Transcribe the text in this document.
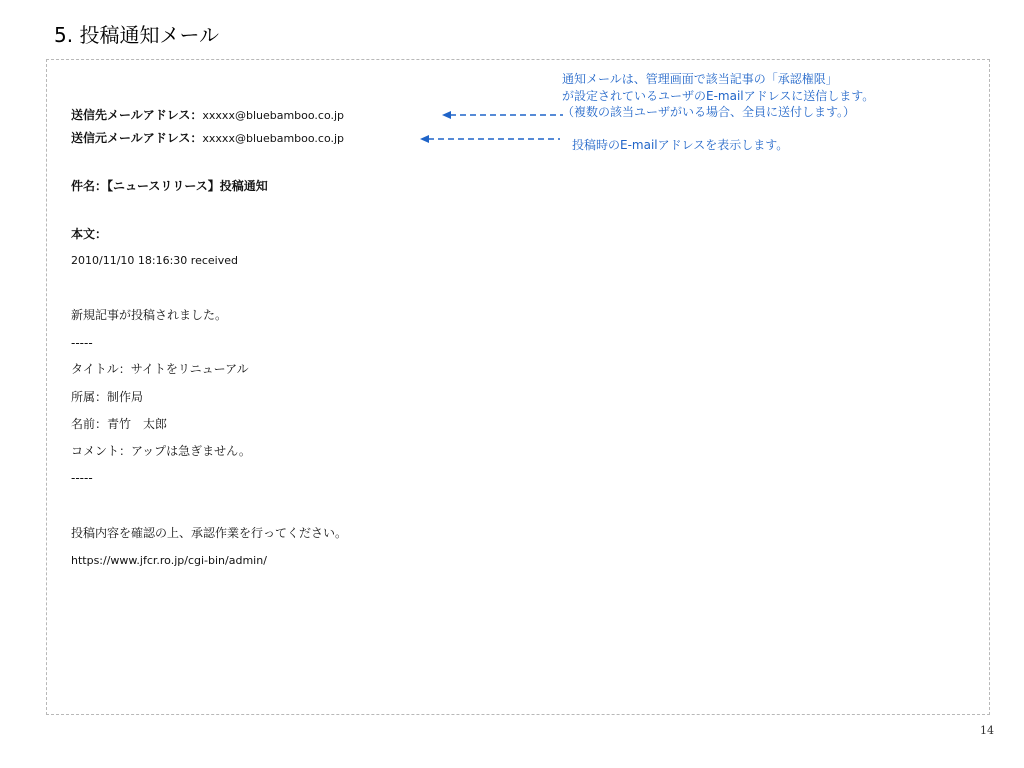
5. 投稿通知メール
送信先メールアドレス：xxxxx@bluebamboo.co.jp
送信元メールアドレス：xxxxx@bluebamboo.co.jp
件名：【ニュースリリース】投稿通知
本文：
2010/11/10 18:16:30 received
新規記事が投稿されました。
-----
タイトル：サイトをリニューアル
所属：制作局
名前：青竹　太郎
コメント：アップは急ぎません。
-----
投稿内容を確認の上、承認作業を行ってください。
https://www.jfcr.ro.jp/cgi-bin/admin/
通知メールは、管理画面で該当記事の「承認権限」
が設定されているユーザのE-mailアドレスに送信します。
（複数の該当ユーザがいる場合、全員に送付します。）
投稿時のE-mailアドレスを表示します。
14
